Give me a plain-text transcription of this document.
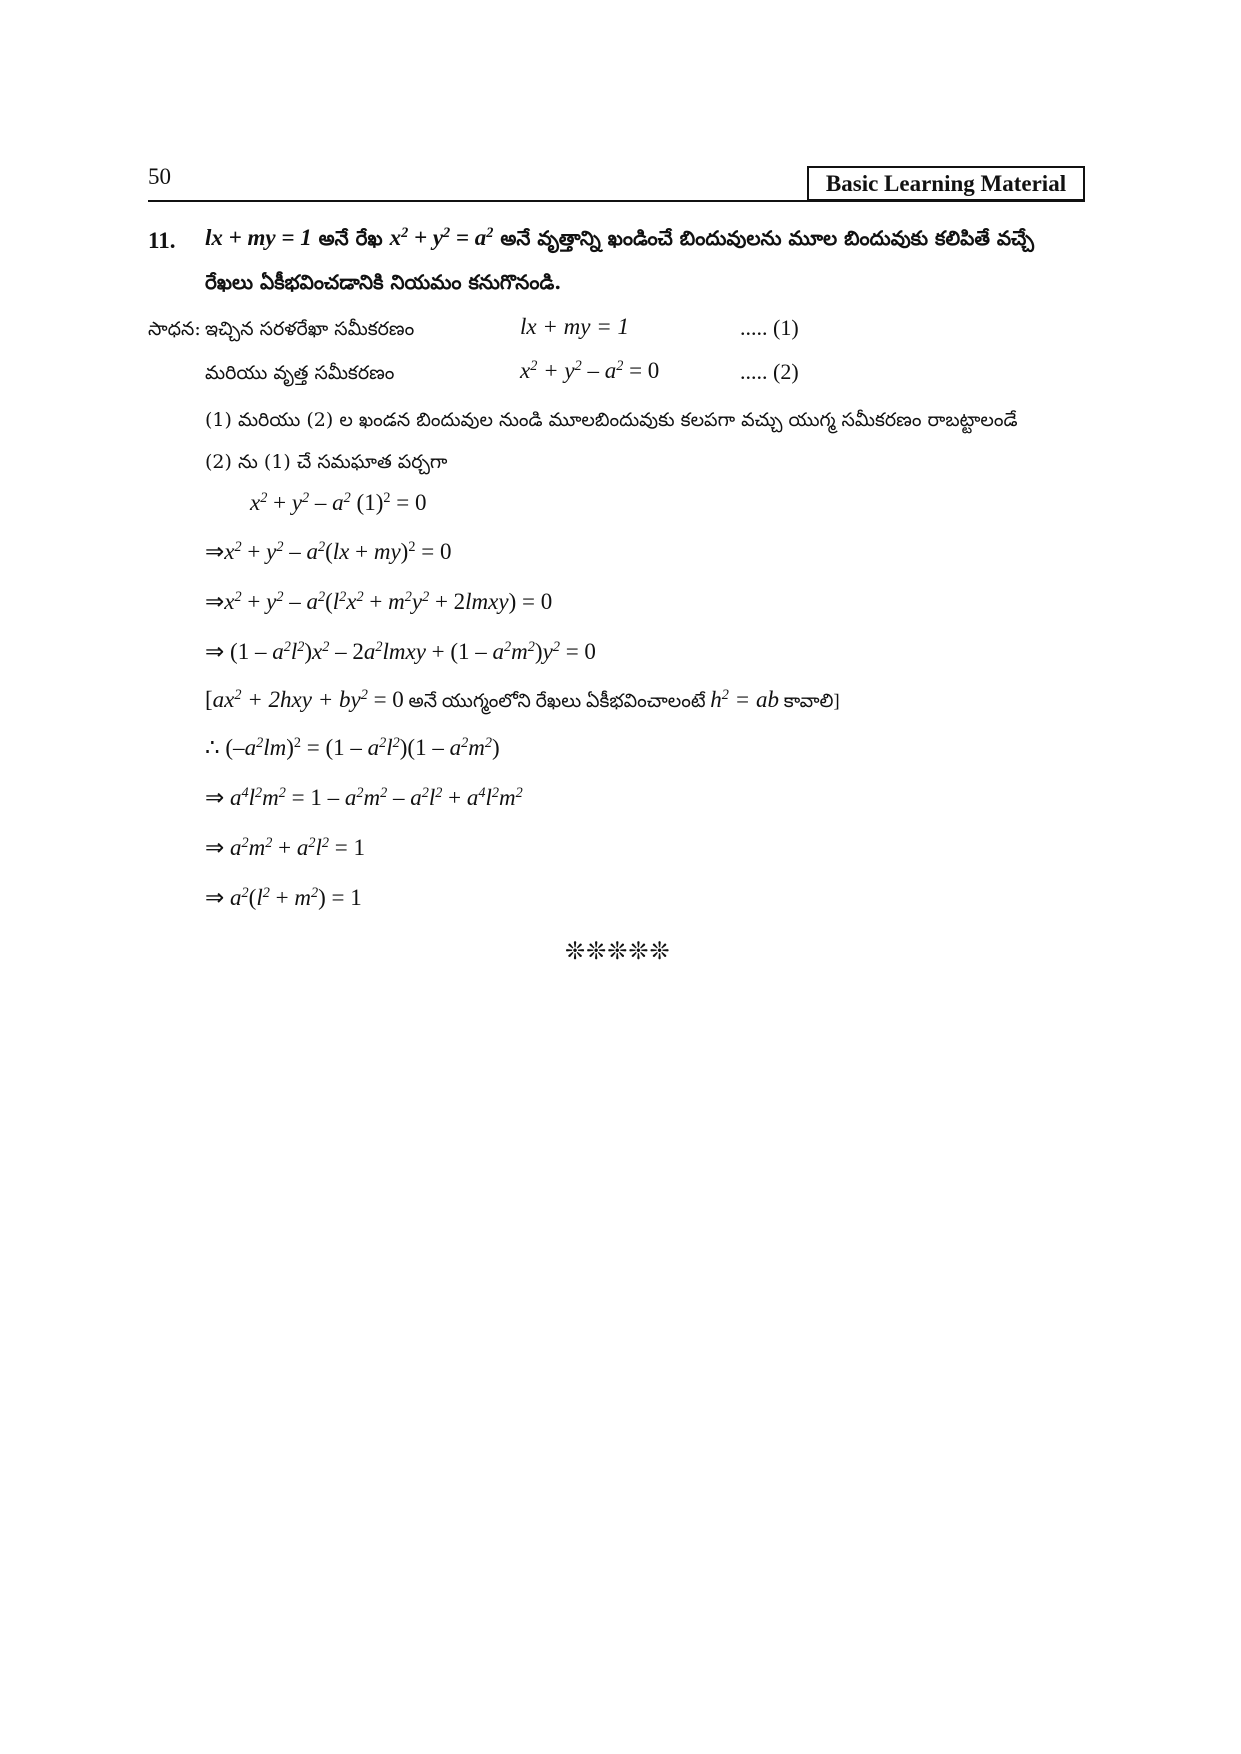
50	Basic Learning Material
11. lx + my = 1 అనే రేఖ $x^2 + y^2 = a^2$ అనే వృత్తాన్ని ఖండించే బిందువులను మూల బిందువుకు కలిపితే వచ్చే
రేఖలు ఏకీభవించడానికి నియమం కనుగొనండి.
సాధన: ఇచ్చిన సరళరేఖా సమీకరణం	lx + my = 1	..... (1)
మరియు వృత్త సమీకరణం	$x^2 + y^2 - a^2 = 0$	..... (2)
(1) మరియు (2) ల ఖండన బిందువుల నుండి మూలబిందువుకు కలపగా వచ్చు యుగ్మ సమీకరణం రాబట్టాలండే
(2) ను (1) చే సమఘాత పర్చగా
$x^2 + y^2 - a^2$ $(1)^2 = 0$
$\Rightarrow x^2 + y^2 - a^2(lx + my)^2 = 0$
$\Rightarrow x^2 + y^2 - a^2(l^2x^2 + m^2y^2$ + 2lmxy) = 0
⇒ $(1 - a^2l^2)x^2$ – $2a^2lmxy + (1 - a^2m^2)y^2 = 0$
[$ax^2 + 2hxy + by^2 = 0$ అనే యుగ్మంలోని రేఖలు ఏకీభవించాలంటే $h^2$ = ab కావాలి]
∴ $(-a^2lm)^2 = (1 - a^2l^2)(1 - a^2m^2)$
⇒ $a^4l^2m^2 = 1 - a^2m^2 - a^2l^2 + a^4l^2m^2$
⇒ $a^2m^2 + a^2l^2 = 1$
⇒ $a^2(l^2 + m^2) = 1$
❊❊❊❊❊
